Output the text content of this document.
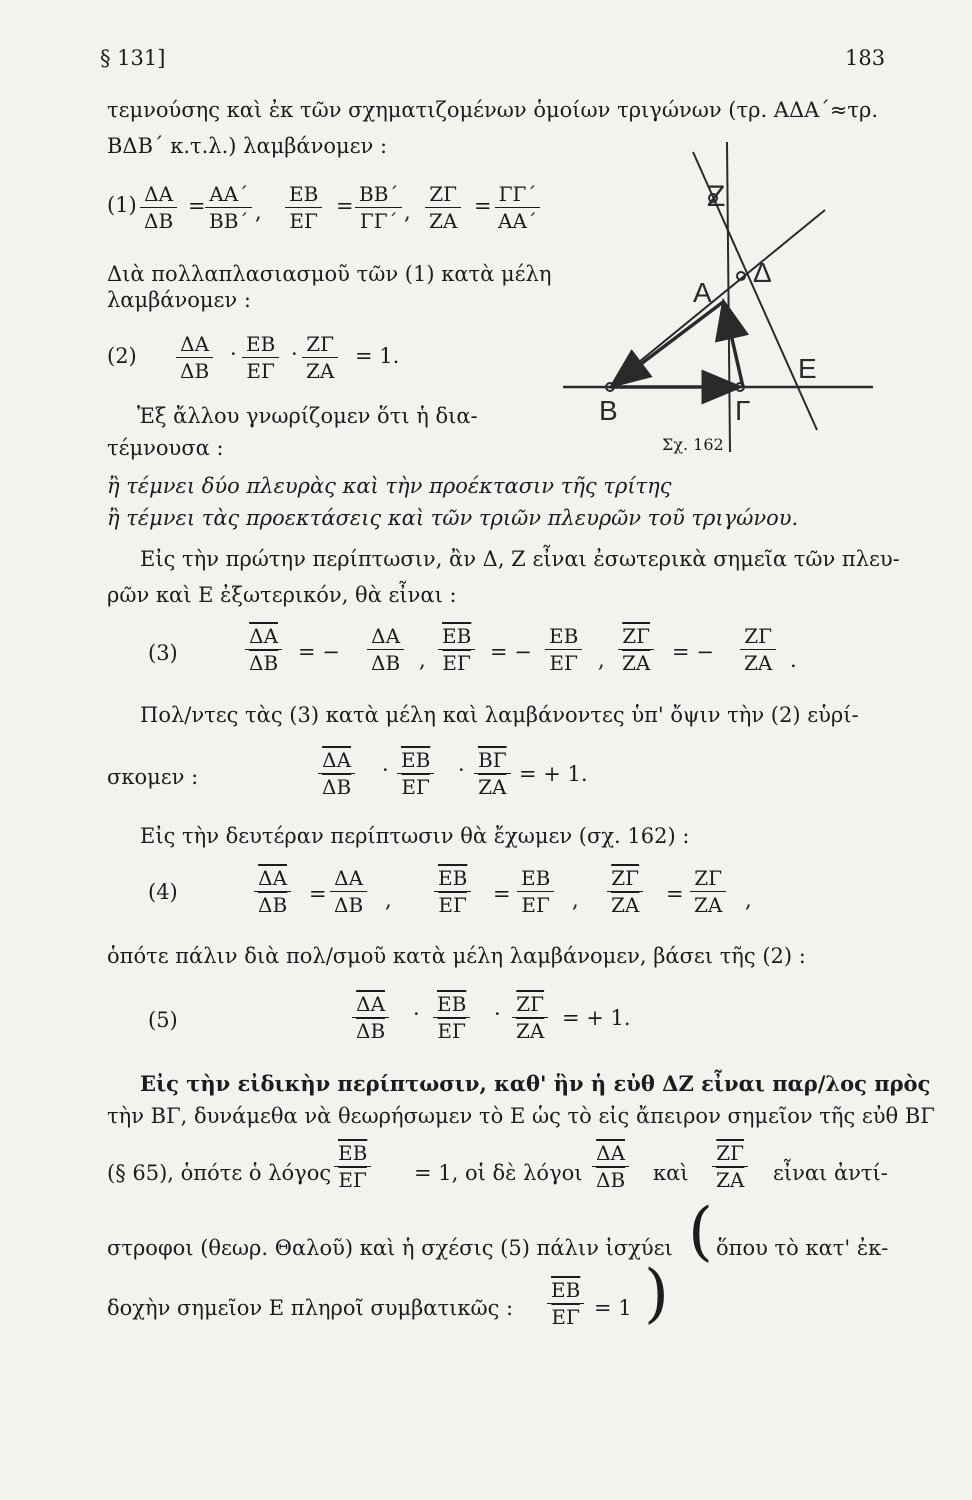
§ 131]	183
τεμνούσης καὶ ἐκ τῶν σχηματιζομένων ὁμοίων τριγώνων (τρ. ΑΔΑ΄≈τρ.
ΒΔΒ΄ κ.τ.λ.) λαμβάνομεν :
$(1) \frac{\Delta A}{\Delta B} \frac{AA΄}{BB΄} \frac{EB}{E\Gamma} \frac{BB΄}{\Gamma\Gamma΄} \frac{Z\Gamma}{ZA} \frac{\Gamma\Gamma΄}{AA΄}$
= ,	= ,	=
Διὰ πολλαπλασιασμοῦ τῶν (1) κατὰ μέλη
λαμβάνομεν :
$(2) \frac{\Delta A}{\Delta B} \frac{EB}{E\Gamma} \frac{Z\Gamma}{ZA}$
·	·	= 1.
Ἐξ ἄλλου γνωρίζομεν ὅτι ἡ δια-
τέμνουσα :
ἢ τέμνει δύο πλευρὰς καὶ τὴν προέκτασιν τῆς τρίτης
ἢ τέμνει τὰς προεκτάσεις καὶ τῶν τριῶν πλευρῶν τοῦ τριγώνου.
Εἰς τὴν πρώτην περίπτωσιν, ἂν Δ, Ζ εἶναι ἐσωτερικὰ σημεῖα τῶν πλευ-
ρῶν καὶ Ε ἐξωτερικόν, θὰ εἶναι :
(3)	$\frac{\overline{\Delta A}}{\Delta B}$	$\frac{\Delta A}{\Delta B} \frac{\overline{EB}}{E\Gamma}$	$\frac{EB}{E\Gamma} \frac{\overline{Z\Gamma}}{ZA}$	$\frac{Z\Gamma}{ZA}$
= −	,	= −	,	= −	.
Πολ/ντες τὰς (3) κατὰ μέλη καὶ λαμβάνοντες ὑπ' ὄψιν τὴν (2) εὑρί-
σκομεν :	$\frac{\overline{\Delta A}}{\Delta B} \frac{\overline{EB}}{E\Gamma} \frac{\overline{B\Gamma}}{ZA}$
·	·	= + 1.
Εἰς τὴν δευτέραν περίπτωσιν θὰ ἔχωμεν (σχ. 162) :
(4)	$\frac{\overline{\Delta A}}{\Delta B} \frac{\Delta A}{\Delta B}$	$\frac{\overline{EB}}{E\Gamma} \frac{EB}{E\Gamma}$	$\frac{\overline{Z\Gamma}}{ZA} \frac{Z\Gamma}{ZA}$
=	,	=	,	=	,
ὁπότε πάλιν διὰ πολ/σμοῦ κατὰ μέλη λαμβάνομεν, βάσει τῆς (2) :
(5)	$\frac{\overline{\Delta A}}{\Delta B} \frac{\overline{EB}}{E\Gamma} \frac{\overline{Z\Gamma}}{ZA}$
·	·	= + 1.
Εἰς τὴν εἰδικὴν περίπτωσιν, καθ' ἣν ἡ εὐθ ΔΖ εἶναι παρ/λος πρὸς
τὴν ΒΓ, δυνάμεθα νὰ θεωρήσωμεν τὸ Ε ὡς τὸ εἰς ἄπειρον σημεῖον τῆς εὐθ ΒΓ
(§ 65), ὁπότε ὁ λόγος	= 1, οἱ δὲ λόγοι	καὶ	εἶναι ἀντί-
$\frac{\overline{EB}}{E\Gamma}$	$\frac{\overline{\Delta A}}{\Delta B}$	$\frac{\overline{Z\Gamma}}{ZA}$
στροφοι (θεωρ. Θαλοῦ) καὶ ἡ σχέσις (5) πάλιν ἰσχύει ( ὅπου τὸ κατ' ἐκ-
δοχὴν σημεῖον Ε πληροῖ συμβατικῶς : $\frac{\overline{EB}}{E\Gamma} = 1$ )
Ζ
Α
Δ
Ε
Β	Γ
Σχ. 162
